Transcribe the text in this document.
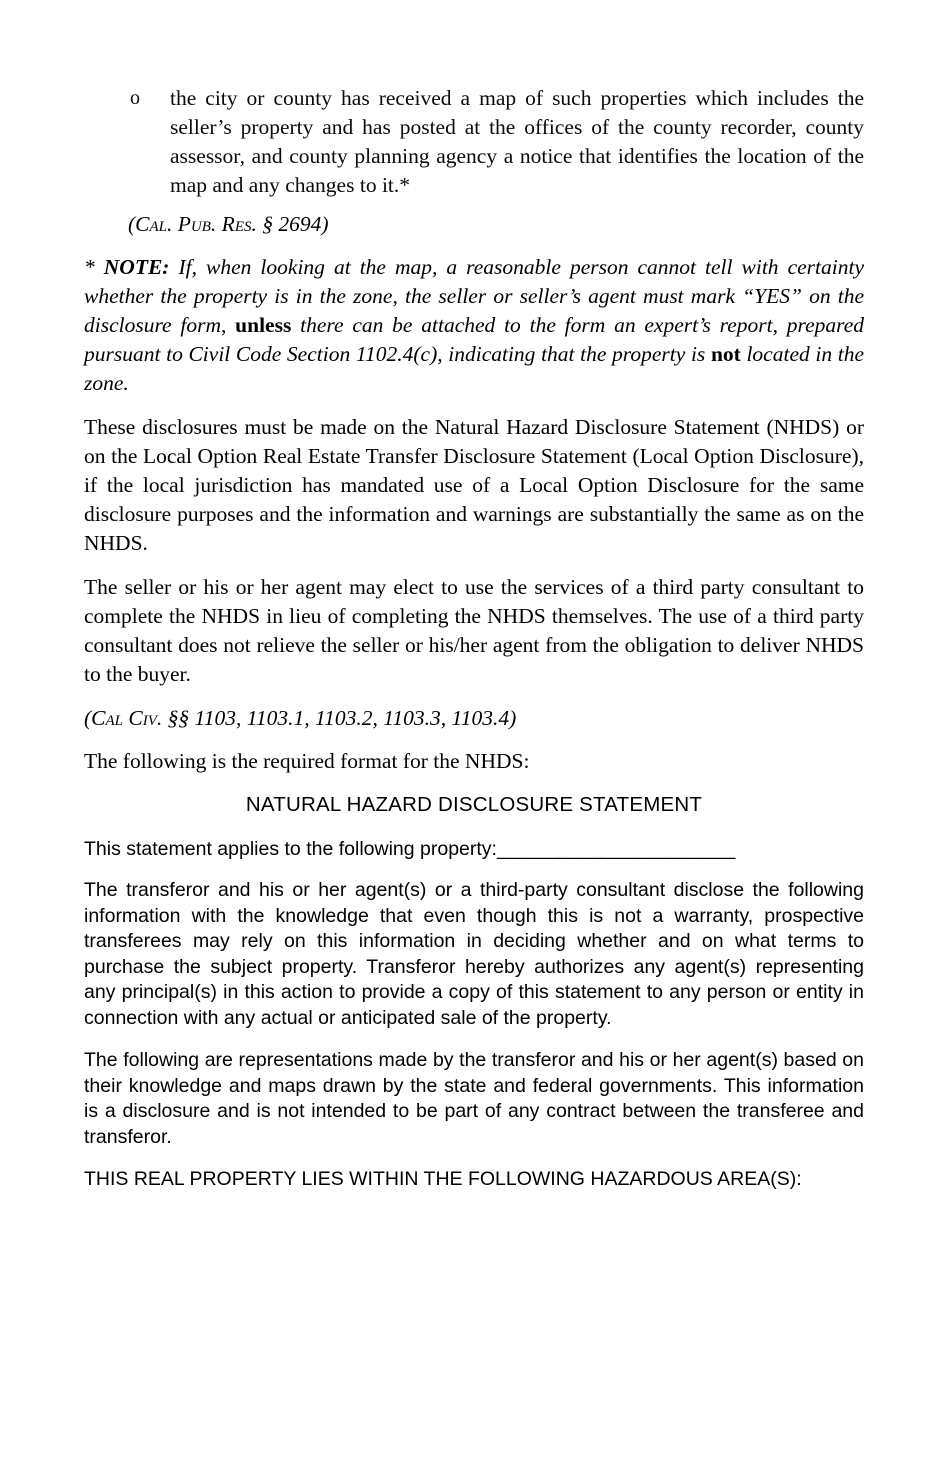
o	the city or county has received a map of such properties which includes the seller’s property and has posted at the offices of the county recorder, county assessor, and county planning agency a notice that identifies the location of the map and any changes to it.*
(Cal. Pub. Res. § 2694)

* NOTE: If, when looking at the map, a reasonable person cannot tell with certainty whether the property is in the zone, the seller or seller’s agent must mark “YES” on the disclosure form, unless there can be attached to the form an expert’s report, prepared pursuant to Civil Code Section 1102.4(c), indicating that the property is not located in the zone.

These disclosures must be made on the Natural Hazard Disclosure Statement (NHDS) or on the Local Option Real Estate Transfer Disclosure Statement (Local Option Disclosure), if the local jurisdiction has mandated use of a Local Option Disclosure for the same disclosure purposes and the information and warnings are substantially the same as on the NHDS.

The seller or his or her agent may elect to use the services of a third party consultant to complete the NHDS in lieu of completing the NHDS themselves. The use of a third party consultant does not relieve the seller or his/her agent from the obligation to deliver NHDS to the buyer.

(Cal Civ. §§ 1103, 1103.1, 1103.2, 1103.3, 1103.4)

The following is the required format for the NHDS:

NATURAL HAZARD DISCLOSURE STATEMENT
This statement applies to the following property:_______________________

The transferor and his or her agent(s) or a third-party consultant disclose the following information with the knowledge that even though this is not a warranty, prospective transferees may rely on this information in deciding whether and on what terms to purchase the subject property. Transferor hereby authorizes any agent(s) representing any principal(s) in this action to provide a copy of this statement to any person or entity in connection with any actual or anticipated sale of the property.

The following are representations made by the transferor and his or her agent(s) based on their knowledge and maps drawn by the state and federal governments. This information is a disclosure and is not intended to be part of any contract between the transferee and transferor.

THIS REAL PROPERTY LIES WITHIN THE FOLLOWING HAZARDOUS AREA(S):
